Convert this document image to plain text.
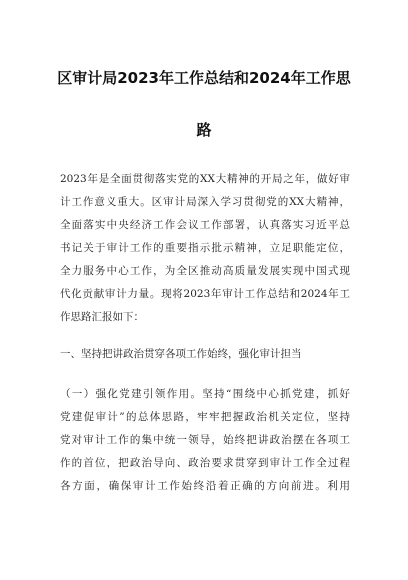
区审计局2023年工作总结和2024年工作思
路
2023年是全面贯彻落实党的XX大精神的开局之年，做好审
计工作意义重大。区审计局深入学习贯彻党的XX大精神，
全面落实中央经济工作会议工作部署，认真落实习近平总
书记关于审计工作的重要指示批示精神，立足职能定位，
全力服务中心工作，为全区推动高质量发展实现中国式现
代化贡献审计力量。现将2023年审计工作总结和2024年工
作思路汇报如下：
一、坚持把讲政治贯穿各项工作始终，强化审计担当
（一）强化党建引领作用。坚持“围绕中心抓党建，抓好
党建促审计”的总体思路，牢牢把握政治机关定位，坚持
党对审计工作的集中统一领导，始终把讲政治摆在各项工
作的首位，把政治导向、政治要求贯穿到审计工作全过程
各方面，确保审计工作始终沿着正确的方向前进。利用
